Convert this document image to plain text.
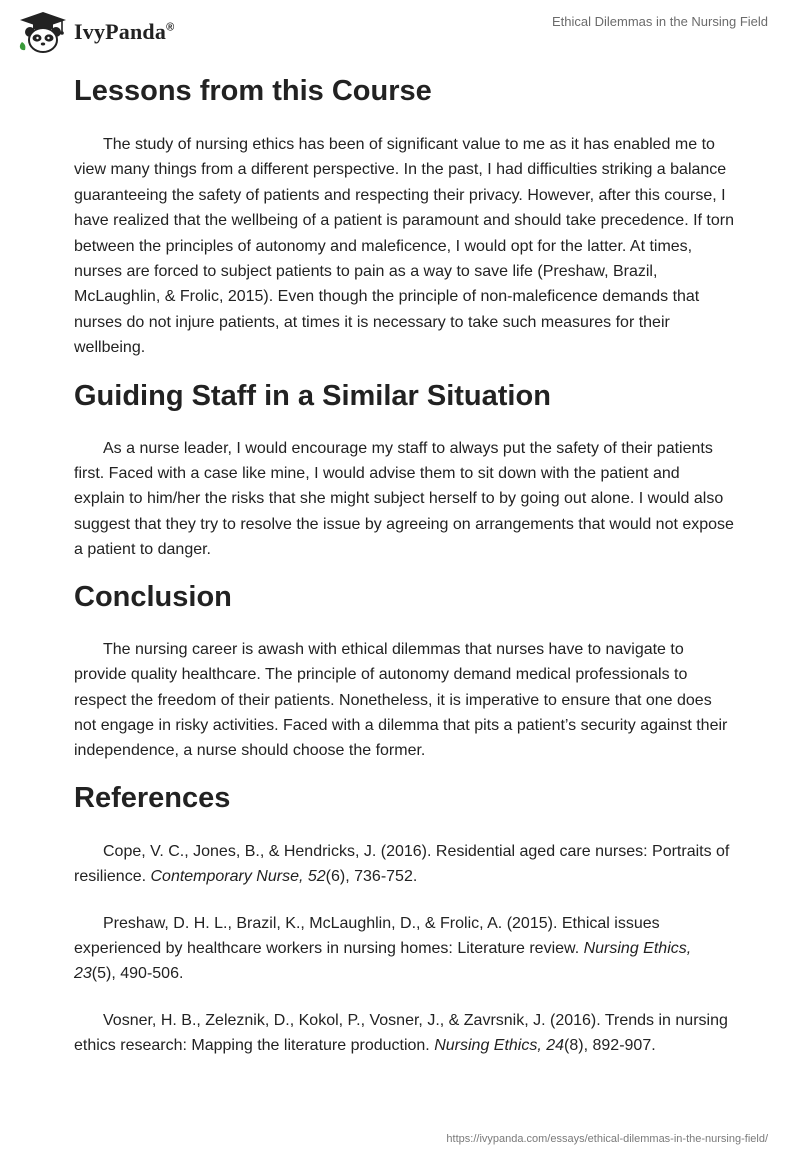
IvyPanda®	Ethical Dilemmas in the Nursing Field
Lessons from this Course

The study of nursing ethics has been of significant value to me as it has enabled me to view many things from a different perspective. In the past, I had difficulties striking a balance guaranteeing the safety of patients and respecting their privacy. However, after this course, I have realized that the wellbeing of a patient is paramount and should take precedence. If torn between the principles of autonomy and maleficence, I would opt for the latter. At times, nurses are forced to subject patients to pain as a way to save life (Preshaw, Brazil, McLaughlin, & Frolic, 2015). Even though the principle of non-maleficence demands that nurses do not injure patients, at times it is necessary to take such measures for their wellbeing.

Guiding Staff in a Similar Situation

As a nurse leader, I would encourage my staff to always put the safety of their patients first. Faced with a case like mine, I would advise them to sit down with the patient and explain to him/her the risks that she might subject herself to by going out alone. I would also suggest that they try to resolve the issue by agreeing on arrangements that would not expose a patient to danger.

Conclusion

The nursing career is awash with ethical dilemmas that nurses have to navigate to provide quality healthcare. The principle of autonomy demand medical professionals to respect the freedom of their patients. Nonetheless, it is imperative to ensure that one does not engage in risky activities. Faced with a dilemma that pits a patient’s security against their independence, a nurse should choose the former.

References

Cope, V. C., Jones, B., & Hendricks, J. (2016). Residential aged care nurses: Portraits of resilience. Contemporary Nurse, 52(6), 736-752.

Preshaw, D. H. L., Brazil, K., McLaughlin, D., & Frolic, A. (2015). Ethical issues experienced by healthcare workers in nursing homes: Literature review. Nursing Ethics, 23(5), 490-506.

Vosner, H. B., Zeleznik, D., Kokol, P., Vosner, J., & Zavrsnik, J. (2016). Trends in nursing ethics research: Mapping the literature production. Nursing Ethics, 24(8), 892-907.

https://ivypanda.com/essays/ethical-dilemmas-in-the-nursing-field/
